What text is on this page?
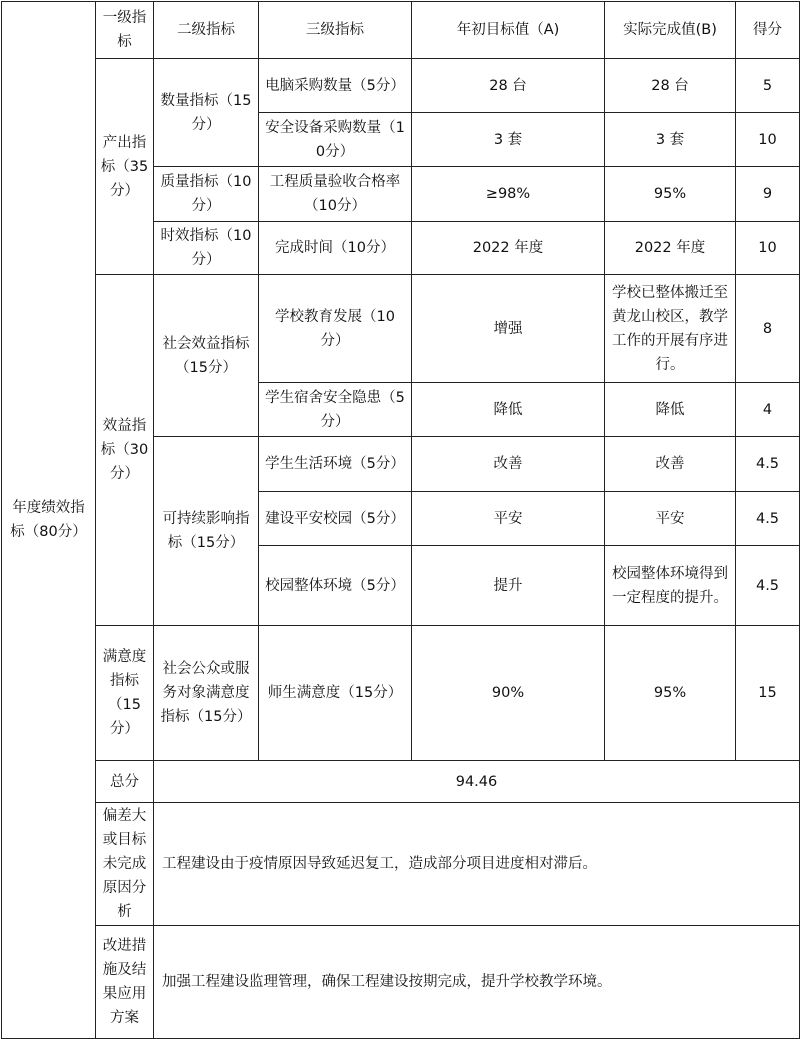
年度绩效指标（80分）	一级指标	二级指标	三级指标	年初目标值（A)	实际完成值(B)	得分
	产出指标（35分）	数量指标（15分）	电脑采购数量（5分）	28 台	28 台	5
			安全设备采购数量（10分）	3 套	3 套	10
		质量指标（10分）	工程质量验收合格率（10分）	≥98%	95%	9
		时效指标（10分）	完成时间（10分）	2022 年度	2022 年度	10
	效益指标（30分）	社会效益指标（15分）	学校教育发展（10分）	增强	学校已整体搬迁至黄龙山校区，教学工作的开展有序进行。	8
			学生宿舍安全隐患（5分）	降低	降低	4
		可持续影响指标（15分）	学生生活环境（5分）	改善	改善	4.5
			建设平安校园（5分）	平安	平安	4.5
			校园整体环境（5分）	提升	校园整体环境得到一定程度的提升。	4.5
	满意度指标（15分）	社会公众或服务对象满意度指标（15分）	师生满意度（15分）	90%	95%	15
	总分	94.46				
	偏差大或目标未完成原因分析	工程建设由于疫情原因导致延迟复工，造成部分项目进度相对滞后。				
	改进措施及结果应用方案	加强工程建设监理管理，确保工程建设按期完成，提升学校教学环境。				
